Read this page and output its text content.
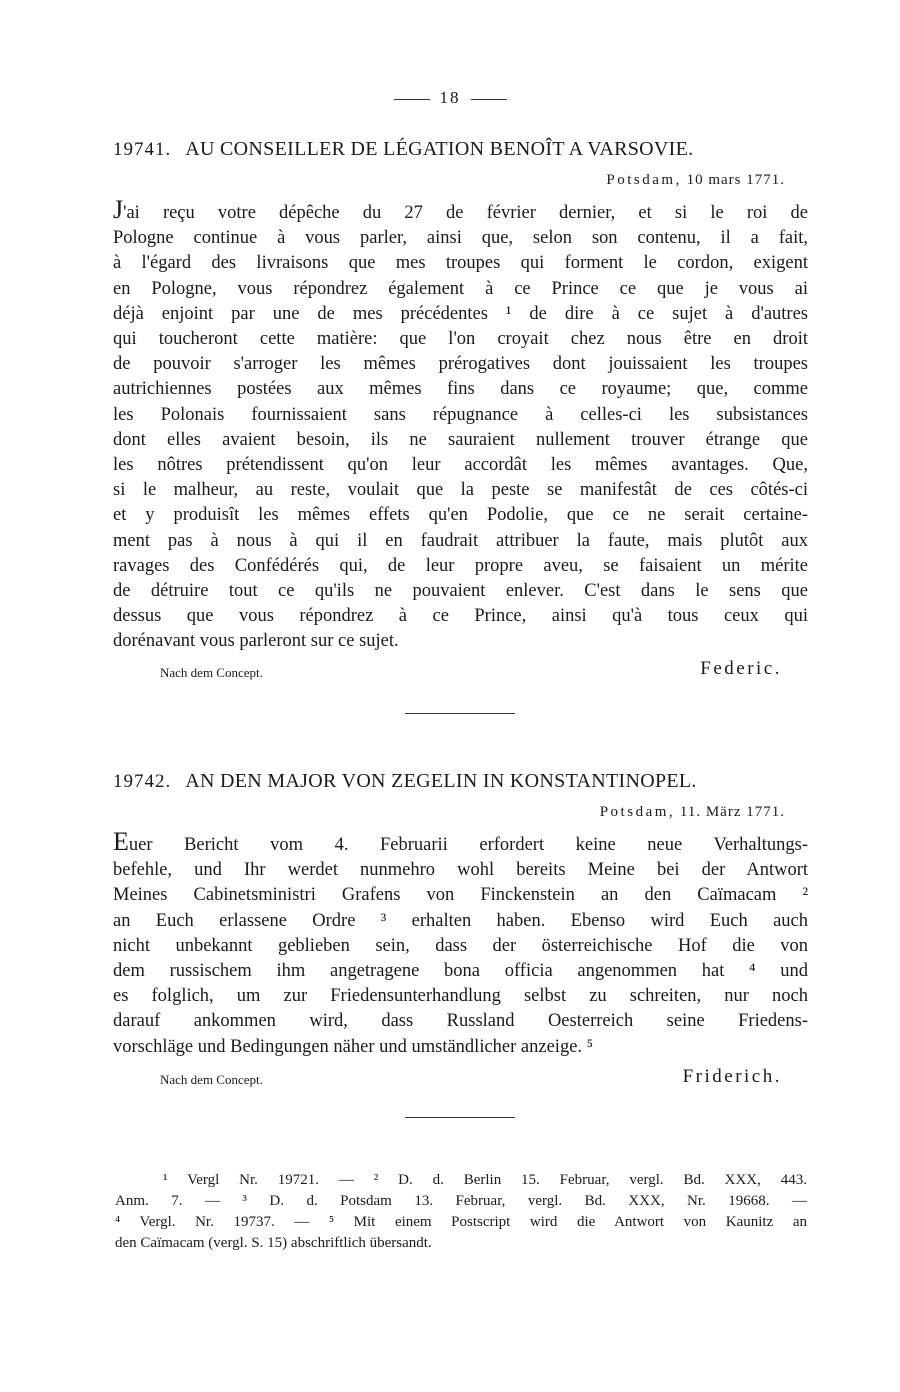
18
19741. AU CONSEILLER DE LÉGATION BENOÎT A VARSOVIE.
Potsdam, 10 mars 1771.
J'ai reçu votre dépêche du 27 de février dernier, et si le roi de
Pologne continue à vous parler, ainsi que, selon son contenu, il a fait,
à l'égard des livraisons que mes troupes qui forment le cordon, exigent
en Pologne, vous répondrez également à ce Prince ce que je vous ai
déjà enjoint par une de mes précédentes ¹ de dire à ce sujet à d'autres
qui toucheront cette matière: que l'on croyait chez nous être en droit
de pouvoir s'arroger les mêmes prérogatives dont jouissaient les troupes
autrichiennes postées aux mêmes fins dans ce royaume; que, comme
les Polonais fournissaient sans répugnance à celles-ci les subsistances
dont elles avaient besoin, ils ne sauraient nullement trouver étrange que
les nôtres prétendissent qu'on leur accordât les mêmes avantages. Que,
si le malheur, au reste, voulait que la peste se manifestât de ces côtés-ci
et y produisît les mêmes effets qu'en Podolie, que ce ne serait certaine-
ment pas à nous à qui il en faudrait attribuer la faute, mais plutôt aux
ravages des Confédérés qui, de leur propre aveu, se faisaient un mérite
de détruire tout ce qu'ils ne pouvaient enlever. C'est dans le sens que
dessus que vous répondrez à ce Prince, ainsi qu'à tous ceux qui
dorénavant vous parleront sur ce sujet.
Nach dem Concept.	Federic.
19742. AN DEN MAJOR VON ZEGELIN IN KONSTANTINOPEL.
Potsdam, 11. März 1771.
Euer Bericht vom 4. Februarii erfordert keine neue Verhaltungs-
befehle, und Ihr werdet nunmehro wohl bereits Meine bei der Antwort
Meines Cabinetsministri Grafens von Finckenstein an den Caïmacam ²
an Euch erlassene Ordre ³ erhalten haben. Ebenso wird Euch auch
nicht unbekannt geblieben sein, dass der österreichische Hof die von
dem russischem ihm angetragene bona officia angenommen hat ⁴ und
es folglich, um zur Friedensunterhandlung selbst zu schreiten, nur noch
darauf ankommen wird, dass Russland Oesterreich seine Friedens-
vorschläge und Bedingungen näher und umständlicher anzeige. ⁵
Nach dem Concept.	Friderich.
¹ Vergl Nr. 19721. — ² D. d. Berlin 15. Februar, vergl. Bd. XXX, 443.
Anm. 7. — ³ D. d. Potsdam 13. Februar, vergl. Bd. XXX, Nr. 19668. —
⁴ Vergl. Nr. 19737. — ⁵ Mit einem Postscript wird die Antwort von Kaunitz an
den Caïmacam (vergl. S. 15) abschriftlich übersandt.
